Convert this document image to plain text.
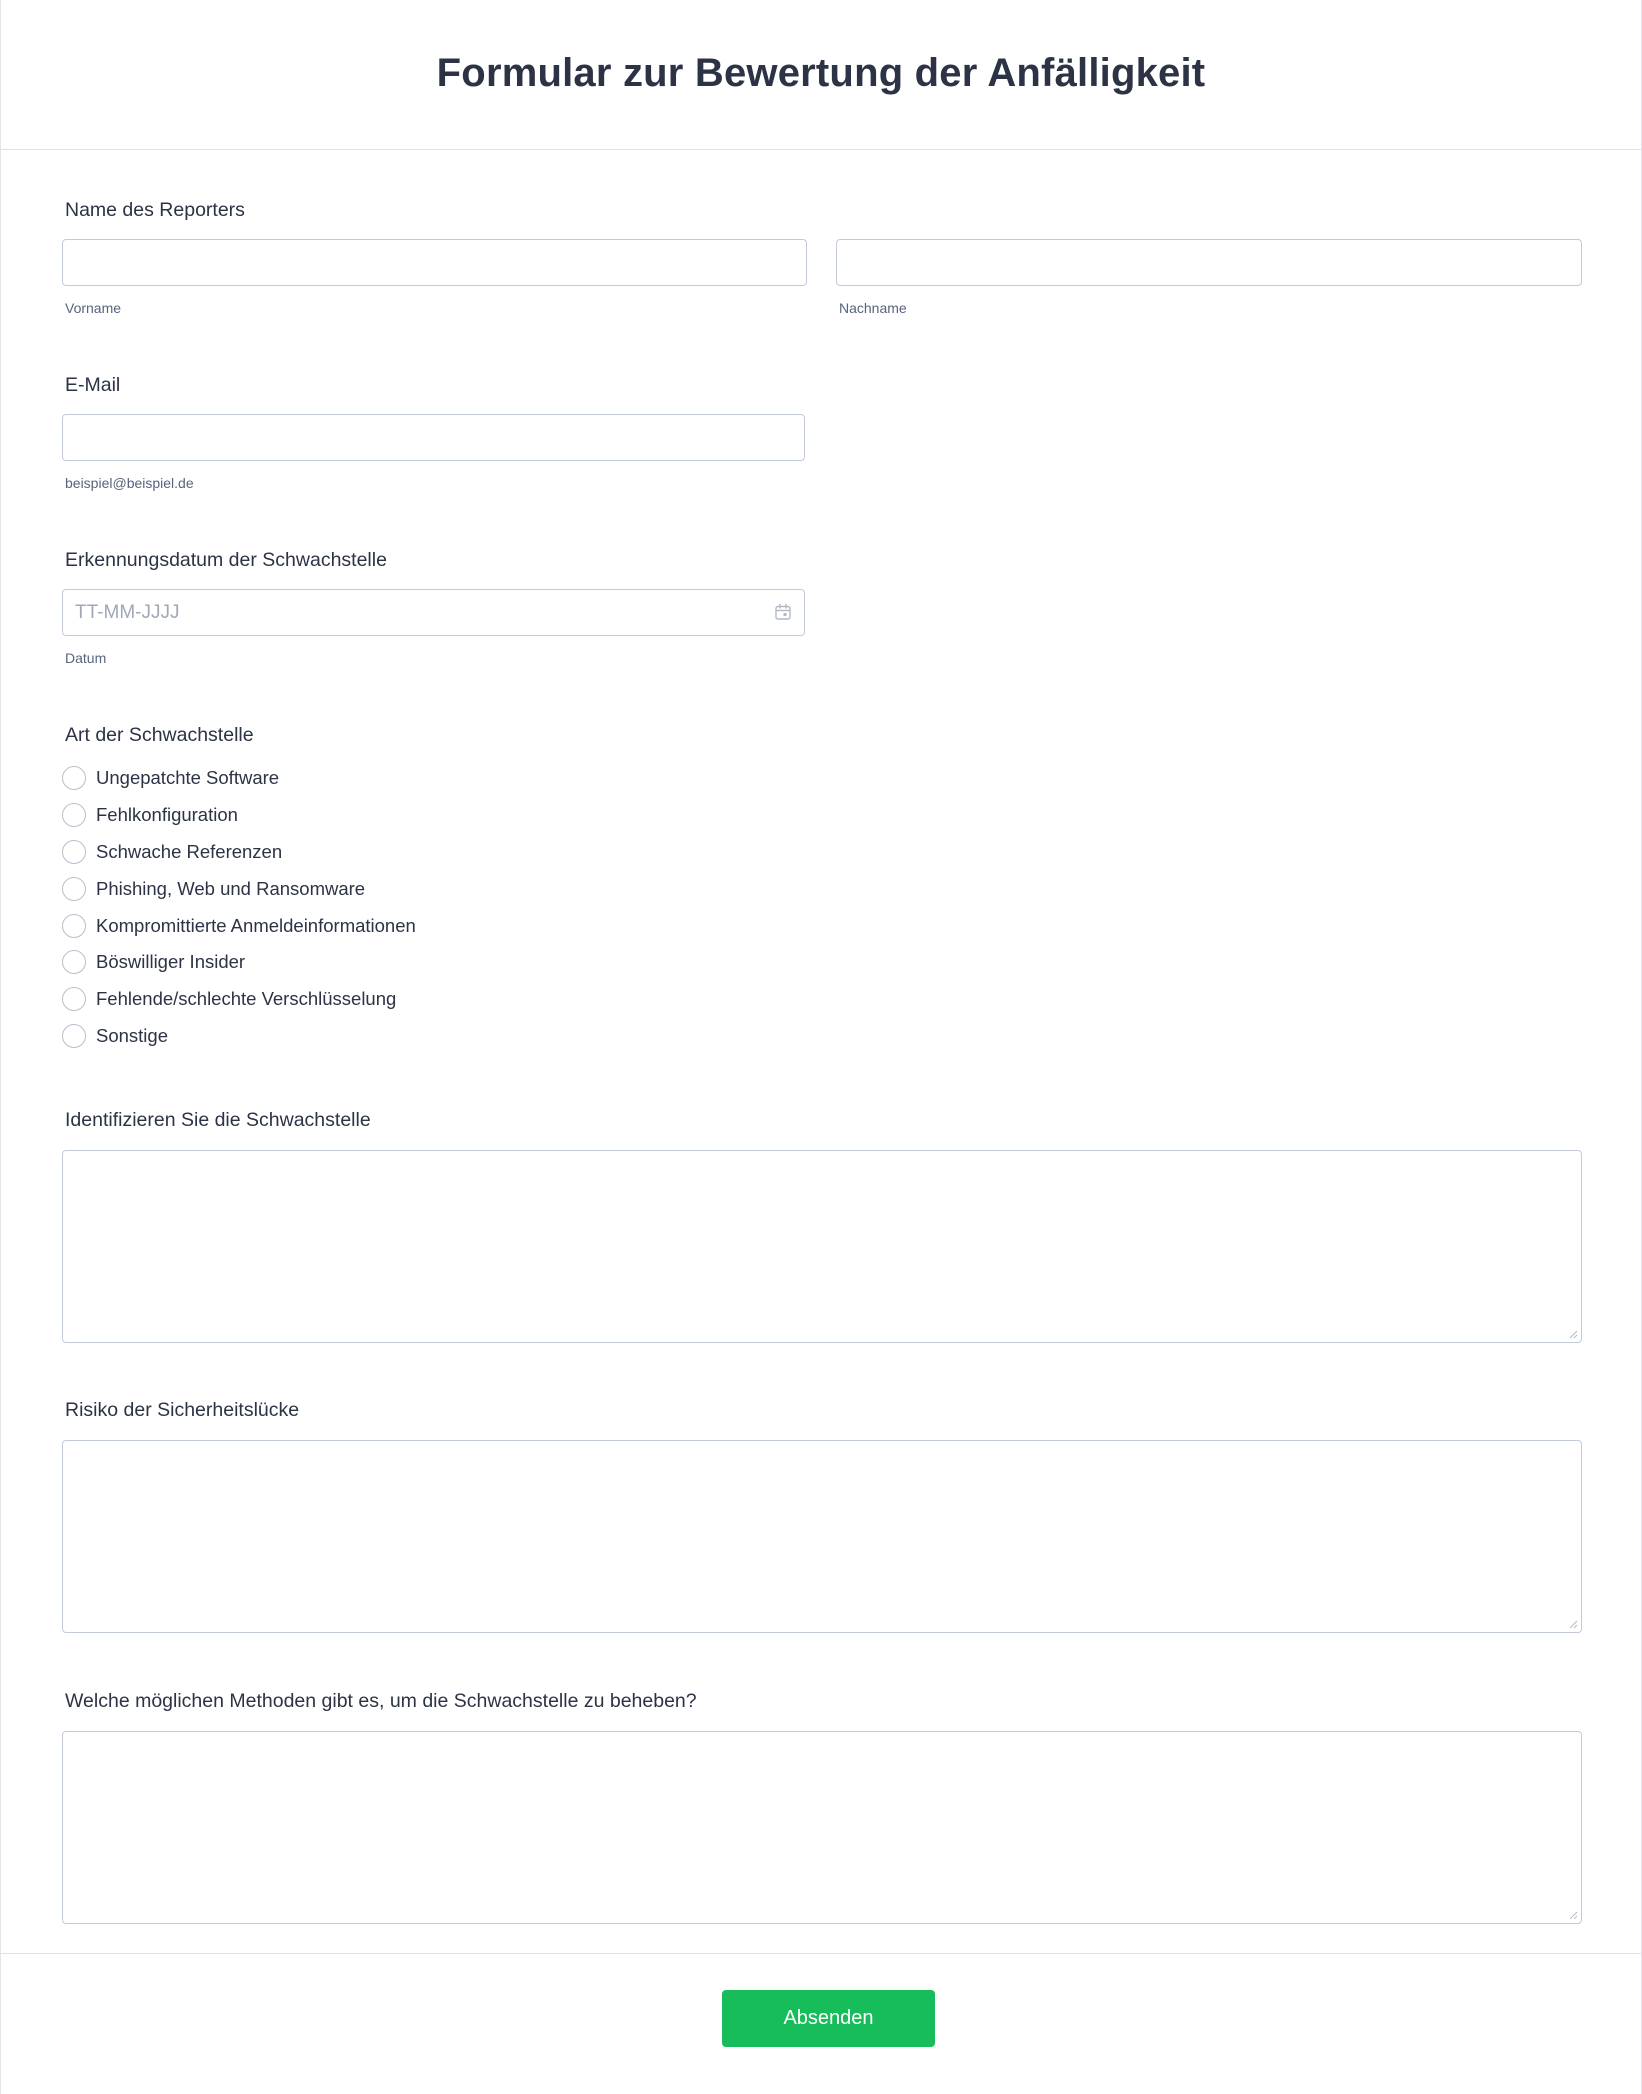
Formular zur Bewertung der Anfälligkeit
Name des Reporters
Vorname	Nachname
E-Mail
beispiel@beispiel.de
Erkennungsdatum der Schwachstelle
TT-MM-JJJJ
Datum
Art der Schwachstelle
Ungepatchte Software
Fehlkonfiguration
Schwache Referenzen
Phishing, Web und Ransomware
Kompromittierte Anmeldeinformationen
Böswilliger Insider
Fehlende/schlechte Verschlüsselung
Sonstige
Identifizieren Sie die Schwachstelle
Risiko der Sicherheitslücke
Welche möglichen Methoden gibt es, um die Schwachstelle zu beheben?
Absenden
